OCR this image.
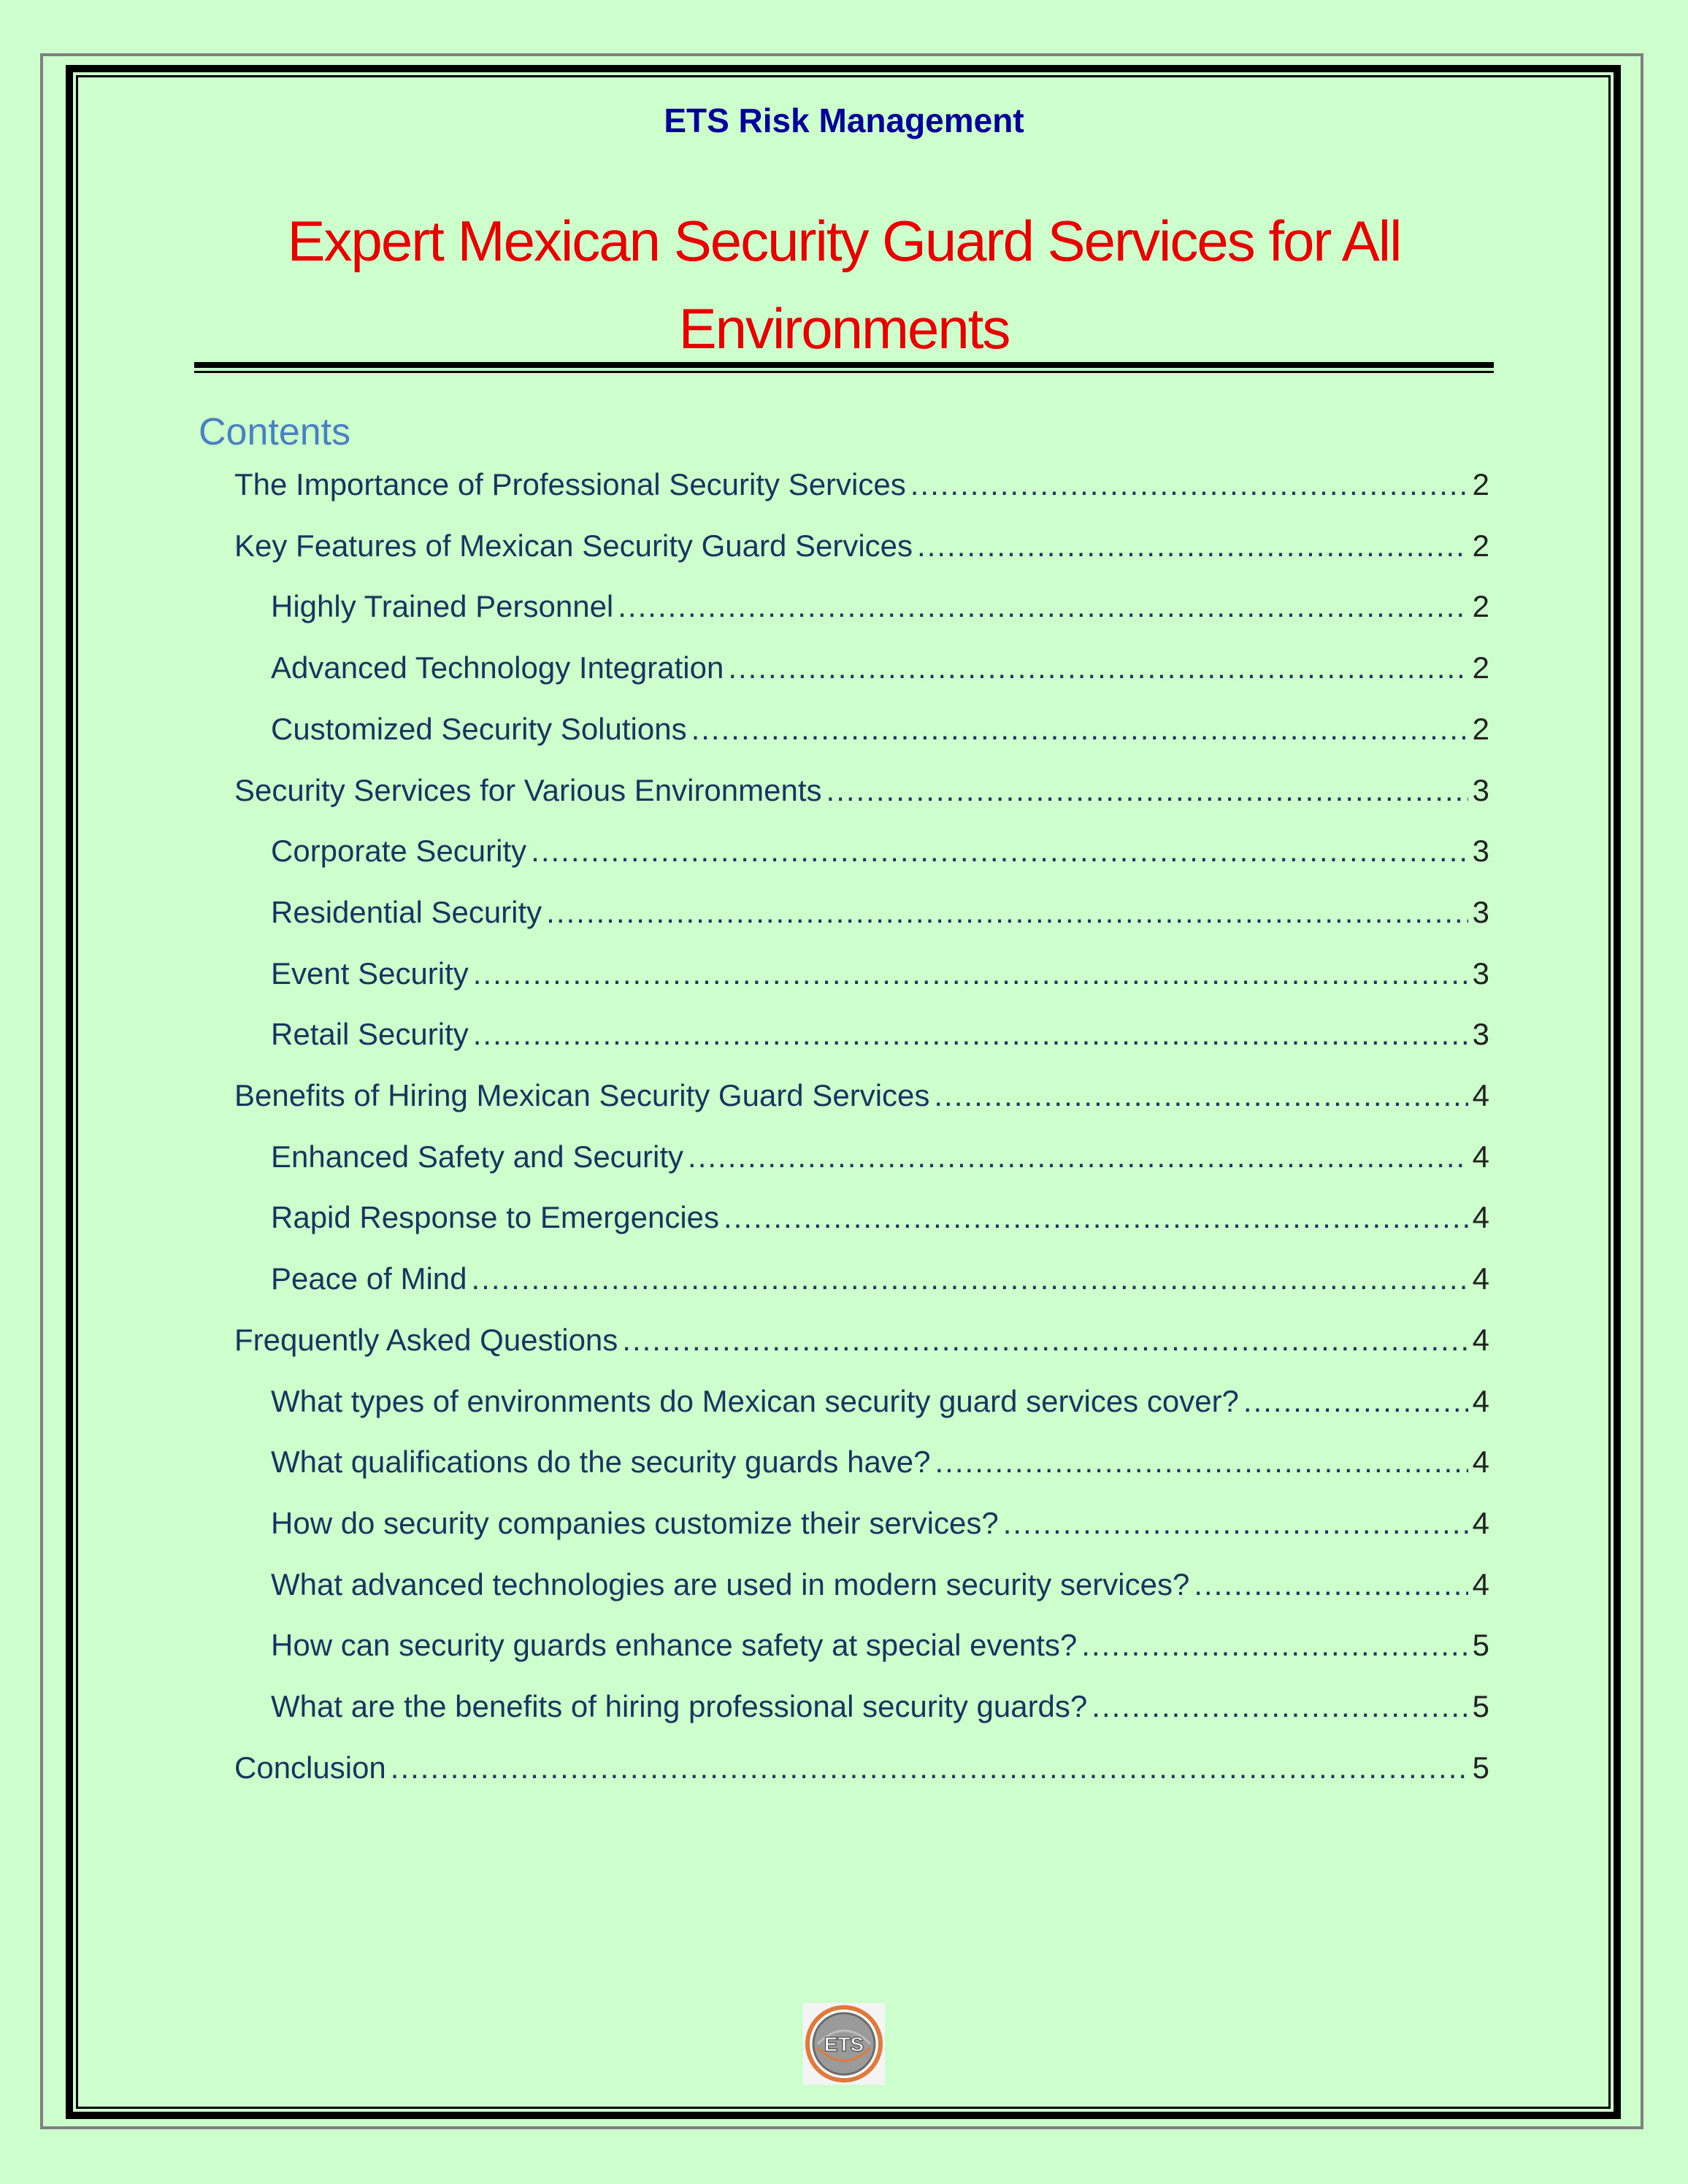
ETS Risk Management
Expert Mexican Security Guard Services for All Environments
Contents
The Importance of Professional Security Services .....	2
Key Features of Mexican Security Guard Services .....	2
Highly Trained Personnel .....	2
Advanced Technology Integration .....	2
Customized Security Solutions .....	2
Security Services for Various Environments .....	3
Corporate Security .....	3
Residential Security .....	3
Event Security .....	3
Retail Security .....	3
Benefits of Hiring Mexican Security Guard Services .....	4
Enhanced Safety and Security .....	4
Rapid Response to Emergencies .....	4
Peace of Mind .....	4
Frequently Asked Questions .....	4
What types of environments do Mexican security guard services cover? .....	4
What qualifications do the security guards have? .....	4
How do security companies customize their services? .....	4
What advanced technologies are used in modern security services? .....	4
How can security guards enhance safety at special events? .....	5
What are the benefits of hiring professional security guards? .....	5
Conclusion .....	5
ETS
